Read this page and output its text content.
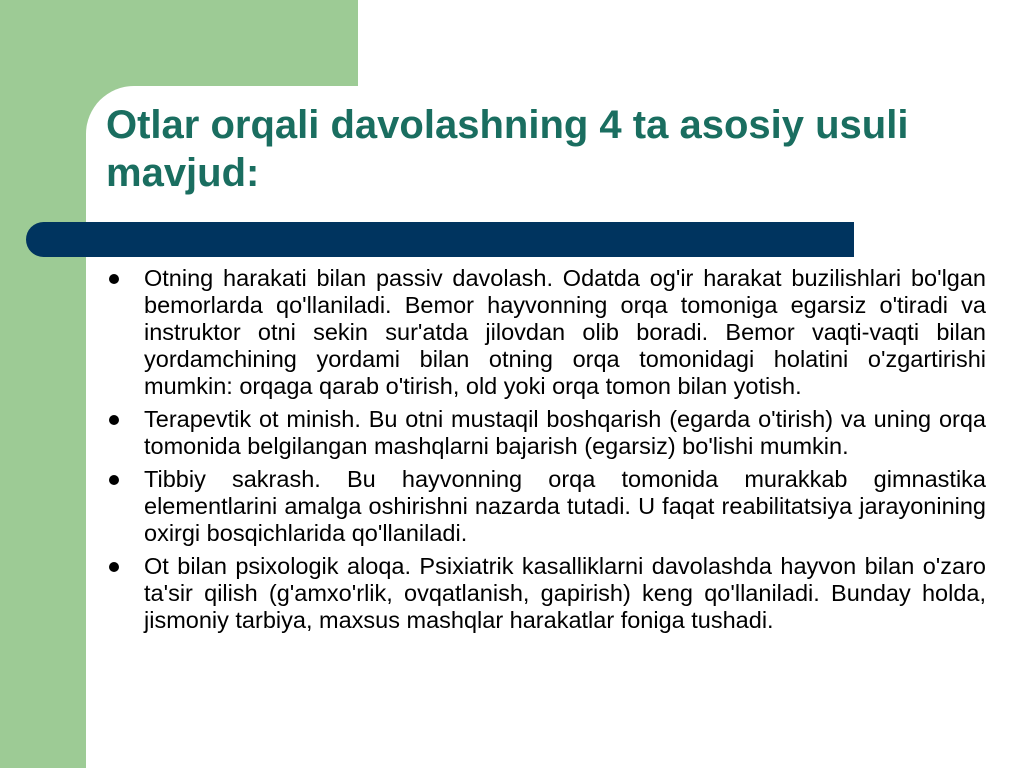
Otlar orqali davolashning 4 ta asosiy usuli mavjud:
Otning harakati bilan passiv davolash. Odatda og'ir harakat buzilishlari bo'lgan bemorlarda qo'llaniladi. Bemor hayvonning orqa tomoniga egarsiz o'tiradi va instruktor otni sekin sur'atda jilovdan olib boradi. Bemor vaqti-vaqti bilan yordamchining yordami bilan otning orqa tomonidagi holatini o'zgartirishi mumkin: orqaga qarab o'tirish, old yoki orqa tomon bilan yotish.
Terapevtik ot minish. Bu otni mustaqil boshqarish (egarda o'tirish) va uning orqa tomonida belgilangan mashqlarni bajarish (egarsiz) bo'lishi mumkin.
Tibbiy sakrash. Bu hayvonning orqa tomonida murakkab gimnastika elementlarini amalga oshirishni nazarda tutadi. U faqat reabilitatsiya jarayonining oxirgi bosqichlarida qo'llaniladi.
Ot bilan psixologik aloqa. Psixiatrik kasalliklarni davolashda hayvon bilan o'zaro ta'sir qilish (g'amxo'rlik, ovqatlanish, gapirish) keng qo'llaniladi. Bunday holda, jismoniy tarbiya, maxsus mashqlar harakatlar foniga tushadi.
